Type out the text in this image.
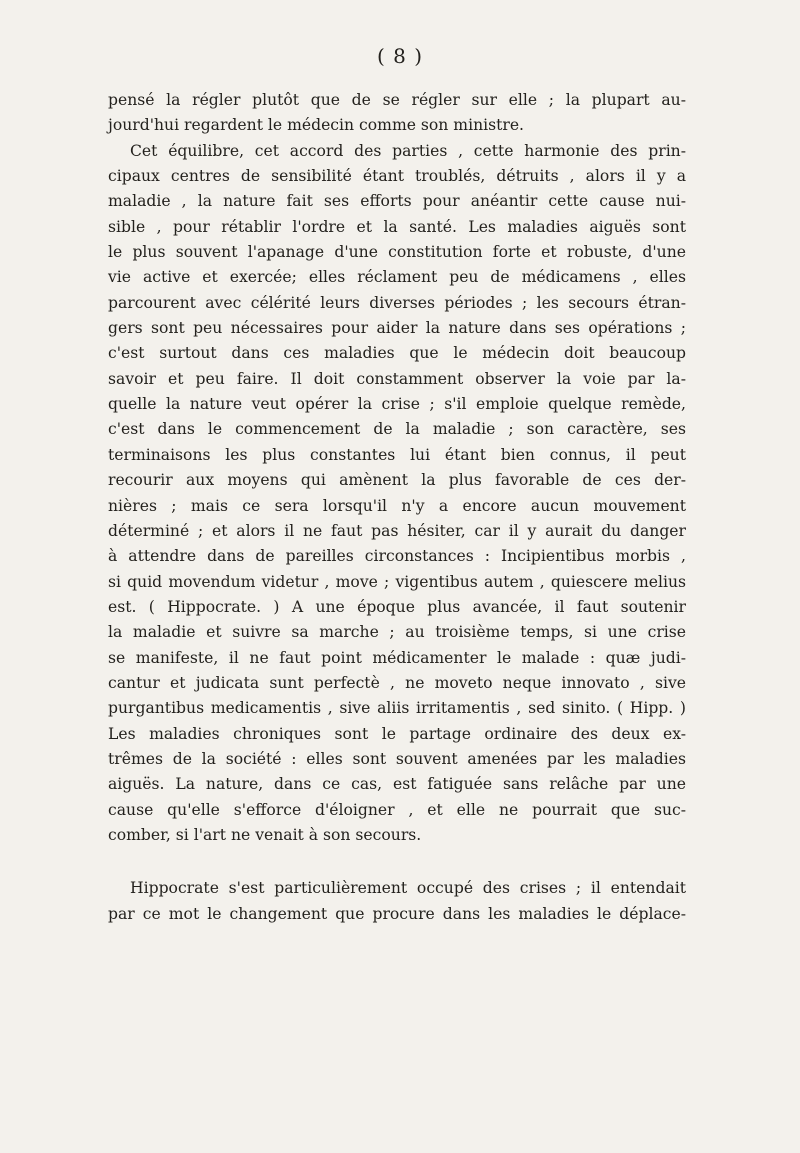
( 8 )
pensé la régler plutôt que de se régler sur elle ; la plupart au-
jourd'hui regardent le médecin comme son ministre.
Cet équilibre, cet accord des parties , cette harmonie des prin-
cipaux centres de sensibilité étant troublés, détruits , alors il y a
maladie , la nature fait ses efforts pour anéantir cette cause nui-
sible , pour rétablir l'ordre et la santé. Les maladies aiguës sont
le plus souvent l'apanage d'une constitution forte et robuste, d'une
vie active et exercée; elles réclament peu de médicamens , elles
parcourent avec célérité leurs diverses périodes ; les secours étran-
gers sont peu nécessaires pour aider la nature dans ses opérations ;
c'est surtout dans ces maladies que le médecin doit beaucoup
savoir et peu faire. Il doit constamment observer la voie par la-
quelle la nature veut opérer la crise ; s'il emploie quelque remède,
c'est dans le commencement de la maladie ; son caractère, ses
terminaisons les plus constantes lui étant bien connus, il peut
recourir aux moyens qui amènent la plus favorable de ces der-
nières ; mais ce sera lorsqu'il n'y a encore aucun mouvement
déterminé ; et alors il ne faut pas hésiter, car il y aurait du danger
à attendre dans de pareilles circonstances : Incipientibus morbis ,
si quid movendum videtur , move ; vigentibus autem , quiescere melius
est. ( Hippocrate. ) A une époque plus avancée, il faut soutenir
la maladie et suivre sa marche ; au troisième temps, si une crise
se manifeste, il ne faut point médicamenter le malade : quæ judi-
cantur et judicata sunt perfectè , ne moveto neque innovato , sive
purgantibus medicamentis , sive aliis irritamentis , sed sinito. ( Hipp. )
Les maladies chroniques sont le partage ordinaire des deux ex-
trêmes de la société : elles sont souvent amenées par les maladies
aiguës. La nature, dans ce cas, est fatiguée sans relâche par une
cause qu'elle s'efforce d'éloigner , et elle ne pourrait que suc-
comber, si l'art ne venait à son secours.
Hippocrate s'est particulièrement occupé des crises ; il entendait
par ce mot le changement que procure dans les maladies le déplace-
